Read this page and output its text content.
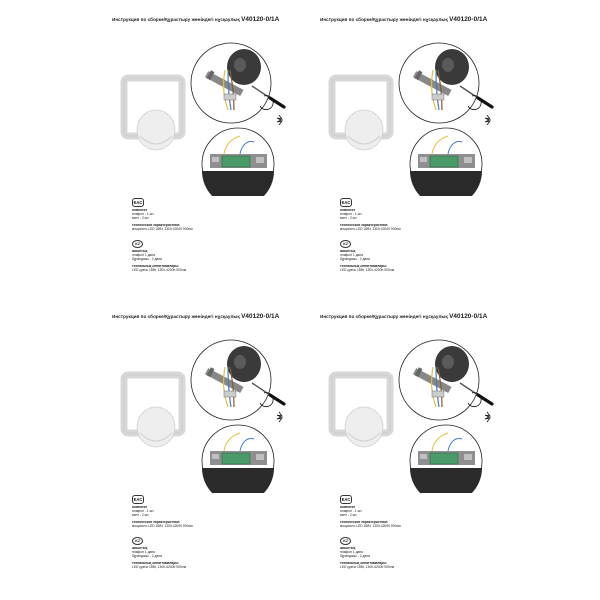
Инструкция по сборке/Құрастыру жөніндегі нұсқаулық V40120-0/1A
EAC
комплект
плафон - 1 шт.
винт - 2 шт.
технические характеристики:
мощность LED 15Вт, 1300-4200К 900лм
KZ
жиынтық
плафон 1 дана
бұрандасы - 2 дана
техникалық сипаттамалары:
LED қуаты 15Вт, 1300-4200К 900лм
Инструкция по сборке/Құрастыру жөніндегі нұсқаулық V40120-0/1A
EAC
комплект
плафон - 1 шт.
винт - 2 шт.
технические характеристики:
мощность LED 15Вт, 1300-4200К 900лм
KZ
жиынтық
плафон 1 дана
бұрандасы - 2 дана
техникалық сипаттамалары:
LED қуаты 15Вт, 1300-4200К 900лм
Инструкция по сборке/Құрастыру жөніндегі нұсқаулық V40120-0/1A
EAC
комплект
плафон - 1 шт.
винт - 2 шт.
технические характеристики:
мощность LED 15Вт, 1300-4200К 900лм
KZ
жиынтық
плафон 1 дана
бұрандасы - 2 дана
техникалық сипаттамалары:
LED қуаты 15Вт, 1300-4200К 900лм
Инструкция по сборке/Құрастыру жөніндегі нұсқаулық V40120-0/1A
EAC
комплект
плафон - 1 шт.
винт - 2 шт.
технические характеристики:
мощность LED 15Вт, 1300-4200К 900лм
KZ
жиынтық
плафон 1 дана
бұрандасы - 2 дана
техникалық сипаттамалары:
LED қуаты 15Вт, 1300-4200К 900лм
